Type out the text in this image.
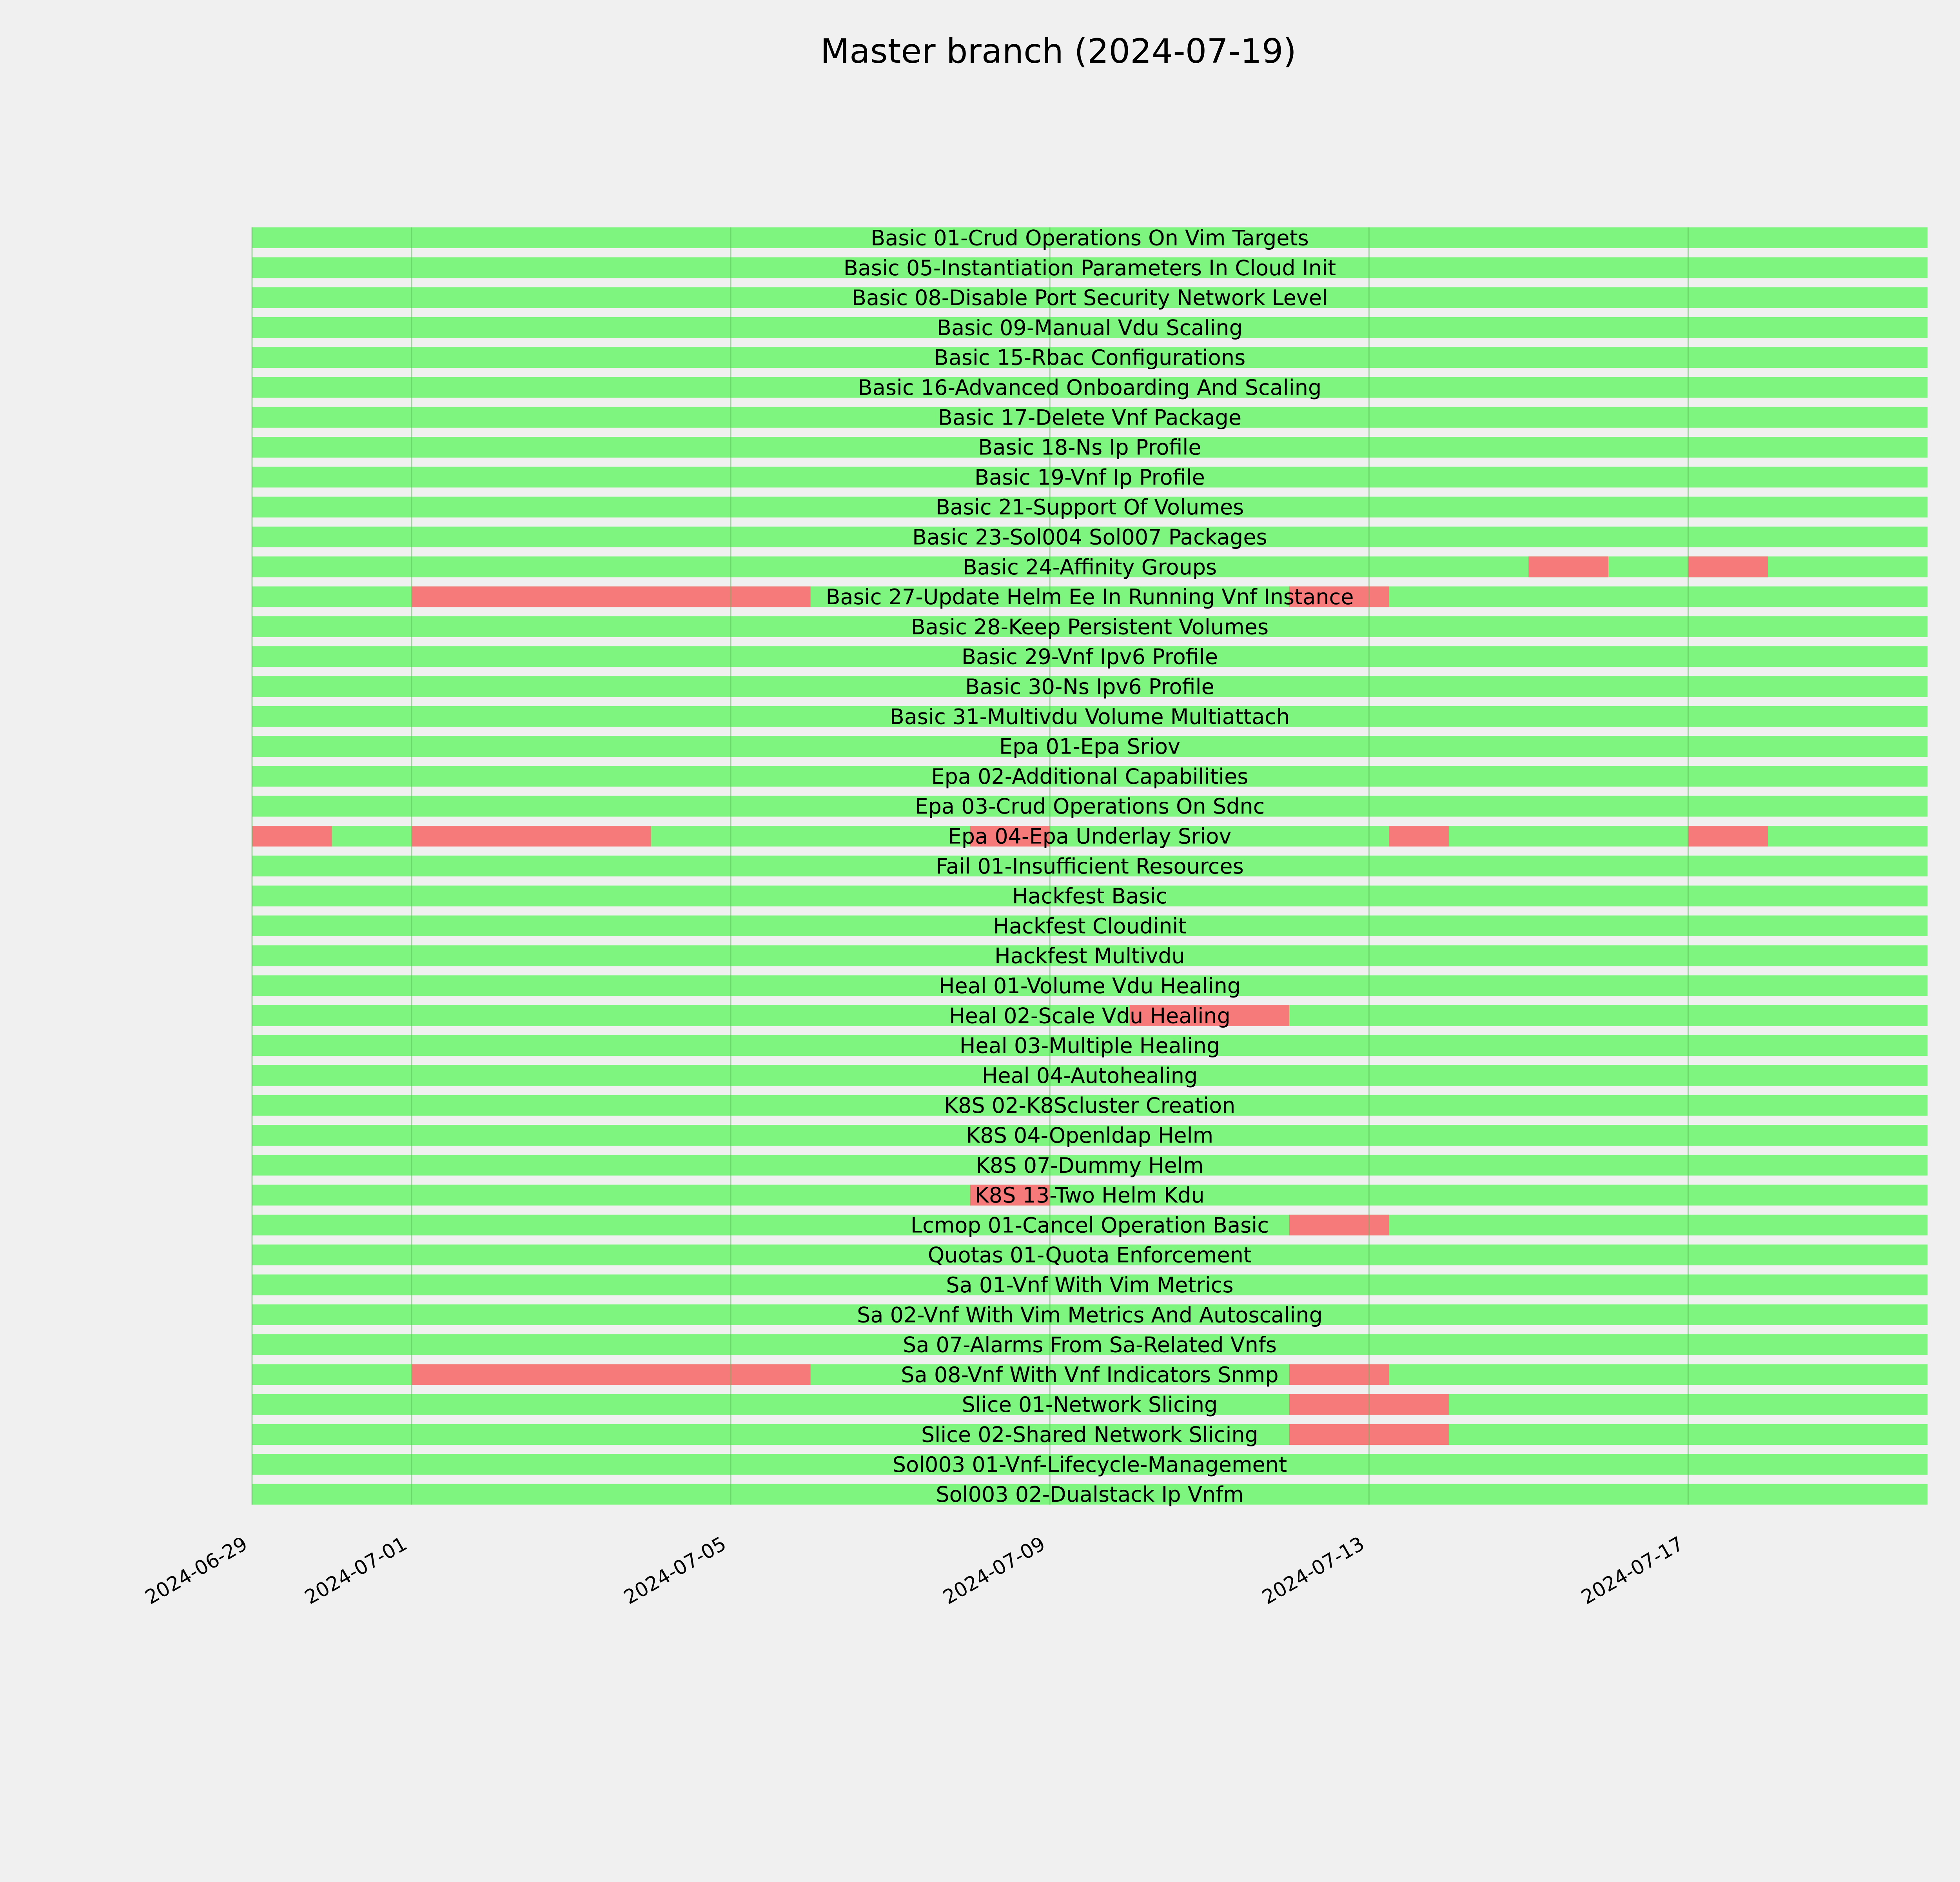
Master branch (2024-07-19)
Basic 01-Crud Operations On Vim Targets
Basic 05-Instantiation Parameters In Cloud Init
Basic 08-Disable Port Security Network Level
Basic 09-Manual Vdu Scaling
Basic 15-Rbac Configurations
Basic 16-Advanced Onboarding And Scaling
Basic 17-Delete Vnf Package
Basic 18-Ns Ip Profile
Basic 19-Vnf Ip Profile
Basic 21-Support Of Volumes
Basic 23-Sol004 Sol007 Packages
Basic 24-Affinity Groups
Basic 27-Update Helm Ee In Running Vnf Instance
Basic 28-Keep Persistent Volumes
Basic 29-Vnf Ipv6 Profile
Basic 30-Ns Ipv6 Profile
Basic 31-Multivdu Volume Multiattach
Epa 01-Epa Sriov
Epa 02-Additional Capabilities
Epa 03-Crud Operations On Sdnc
Epa 04-Epa Underlay Sriov
Fail 01-Insufficient Resources
Hackfest Basic
Hackfest Cloudinit
Hackfest Multivdu
Heal 01-Volume Vdu Healing
Heal 02-Scale Vdu Healing
Heal 03-Multiple Healing
Heal 04-Autohealing
K8S 02-K8Scluster Creation
K8S 04-Openldap Helm
K8S 07-Dummy Helm
K8S 13-Two Helm Kdu
Lcmop 01-Cancel Operation Basic
Quotas 01-Quota Enforcement
Sa 01-Vnf With Vim Metrics
Sa 02-Vnf With Vim Metrics And Autoscaling
Sa 07-Alarms From Sa-Related Vnfs
Sa 08-Vnf With Vnf Indicators Snmp
Slice 01-Network Slicing
Slice 02-Shared Network Slicing
Sol003 01-Vnf-Lifecycle-Management
Sol003 02-Dualstack Ip Vnfm
2024-06-29	2024-07-01	2024-07-05	2024-07-09	2024-07-13	2024-07-17
